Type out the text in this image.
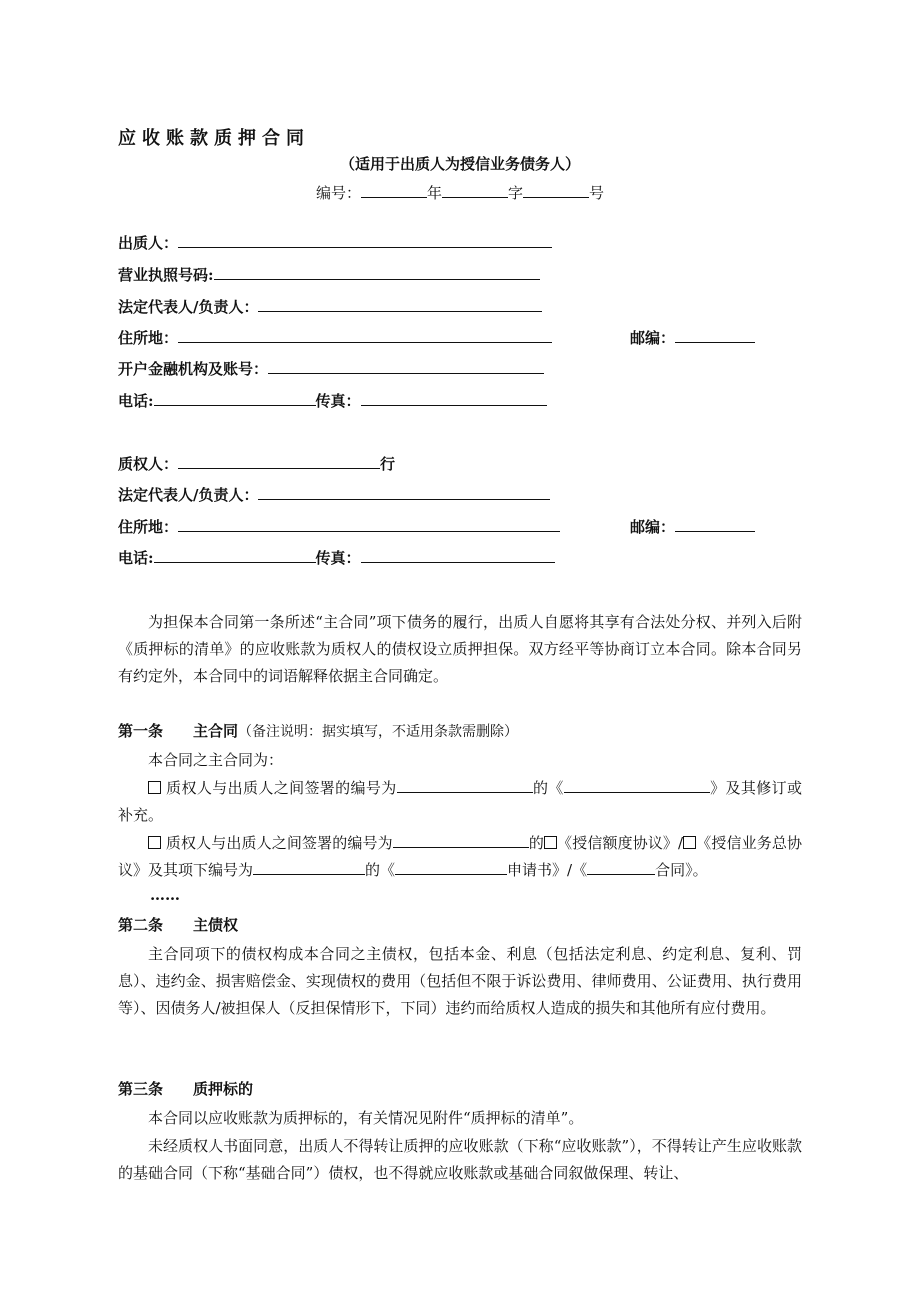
应收账款质押合同
（适用于出质人为授信业务债务人）
编号：	年	字	号
出质人：
营业执照号码:
法定代表人/负责人：
住所地：	邮编：
开户金融机构及账号：
电话:	传真：
质权人：	行
法定代表人/负责人：
住所地：	邮编：
电话:	传真：
为担保本合同第一条所述“主合同”项下债务的履行，出质人自愿将其享有合法处分权、并列入后附《质押标的清单》的应收账款为质权人的债权设立质押担保。双方经平等协商订立本合同。除本合同另有约定外，本合同中的词语解释依据主合同确定。
第一条 主合同（备注说明：据实填写，不适用条款需删除）
本合同之主合同为：
质权人与出质人之间签署的编号为	的《	》及其修订或补充。
质权人与出质人之间签署的编号为	的 《授信额度协议》/ 《授信业务总协议》及其项下编号为	的《	申请书》/《	合同》。
……
第二条 主债权
主合同项下的债权构成本合同之主债权，包括本金、利息（包括法定利息、约定利息、复利、罚息）、违约金、损害赔偿金、实现债权的费用（包括但不限于诉讼费用、律师费用、公证费用、执行费用等）、因债务人/被担保人（反担保情形下，下同）违约而给质权人造成的损失和其他所有应付费用。
第三条 质押标的
本合同以应收账款为质押标的，有关情况见附件“质押标的清单”。
未经质权人书面同意，出质人不得转让质押的应收账款（下称“应收账款”），不得转让产生应收账款的基础合同（下称“基础合同”）债权，也不得就应收账款或基础合同叙做保理、转让、
